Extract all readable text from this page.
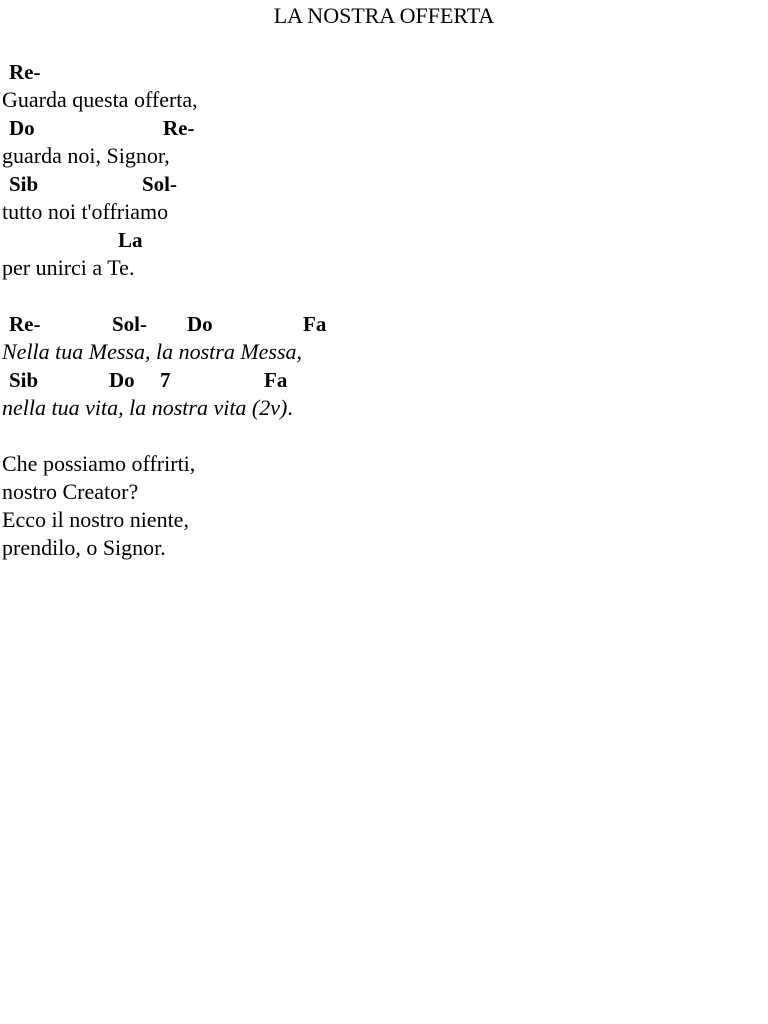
LA NOSTRA OFFERTA

Re-

Guarda questa offerta,

Do

	Re-

guarda noi, Signor,

Sib

	Sol-

tutto noi t'offriamo

La

per unirci a Te.

Re-

	Sol-

Do

	Fa

Nella tua Messa, la nostra Messa,

Sib

	Do

7

	Fa

nella tua vita, la nostra vita (2v).
Che possiamo offrirti,
nostro Creator?
Ecco il nostro niente,
prendilo, o Signor.
